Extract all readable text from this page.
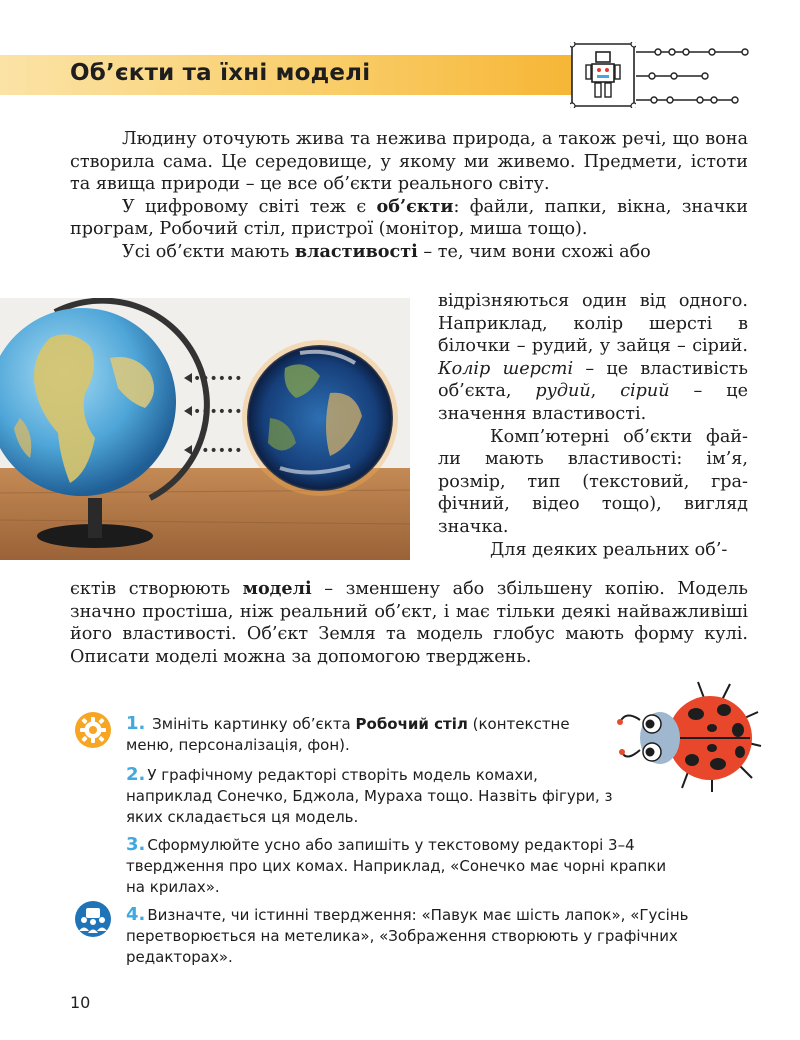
Об’єкти та їхні моделі

Людину оточують жива та нежива природа, а також речі, що вона створила сама. Це середовище, у якому ми живемо. Предмети, істоти та явища природи – це все об’єкти реального світу.

У цифровому світі теж є об’єкти: файли, папки, вікна, значки програм, Робочий стіл, пристрої (монітор, миша тощо).

Усі об’єкти мають властивості – те, чим вони схожі або

••••••
••••••
••••••

відрізняються один від одного. Наприклад, колір шерсті в білочки – рудий, у зайця – сірий. Колір шерсті – це властивість об’єкта, рудий, сірий – це значення властивості.

Комп’ютерні об’єкти файли мають властивості: ім’я, розмір, тип (текстовий, графічний, відео тощо), вигляд значка.

Для деяких реальних об’-

єктів створюють моделі – зменшену або збільшену копію. Модель значно простіша, ніж реальний об’єкт, і має тільки деякі найважливіші його властивості. Об’єкт Земля та модель глобус мають форму кулі. Описати моделі можна за допомогою тверджень.

1. Змініть картинку об’єкта Робочий стіл (контекстне меню, персоналізація, фон).
2. У графічному редакторі створіть модель комахи, наприклад Сонечко, Бджола, Мураха тощо. Назвіть фігури, з яких складається ця модель.
3. Сформулюйте усно або запишіть у текстовому редакторі 3–4 твердження про цих комах. Наприклад, «Сонечко має чорні крапки на крилах».
4. Визначте, чи істинні твердження: «Павук має шість лапок», «Гусінь перетворюється на метелика», «Зображення створюють у графічних редакторах».
10
